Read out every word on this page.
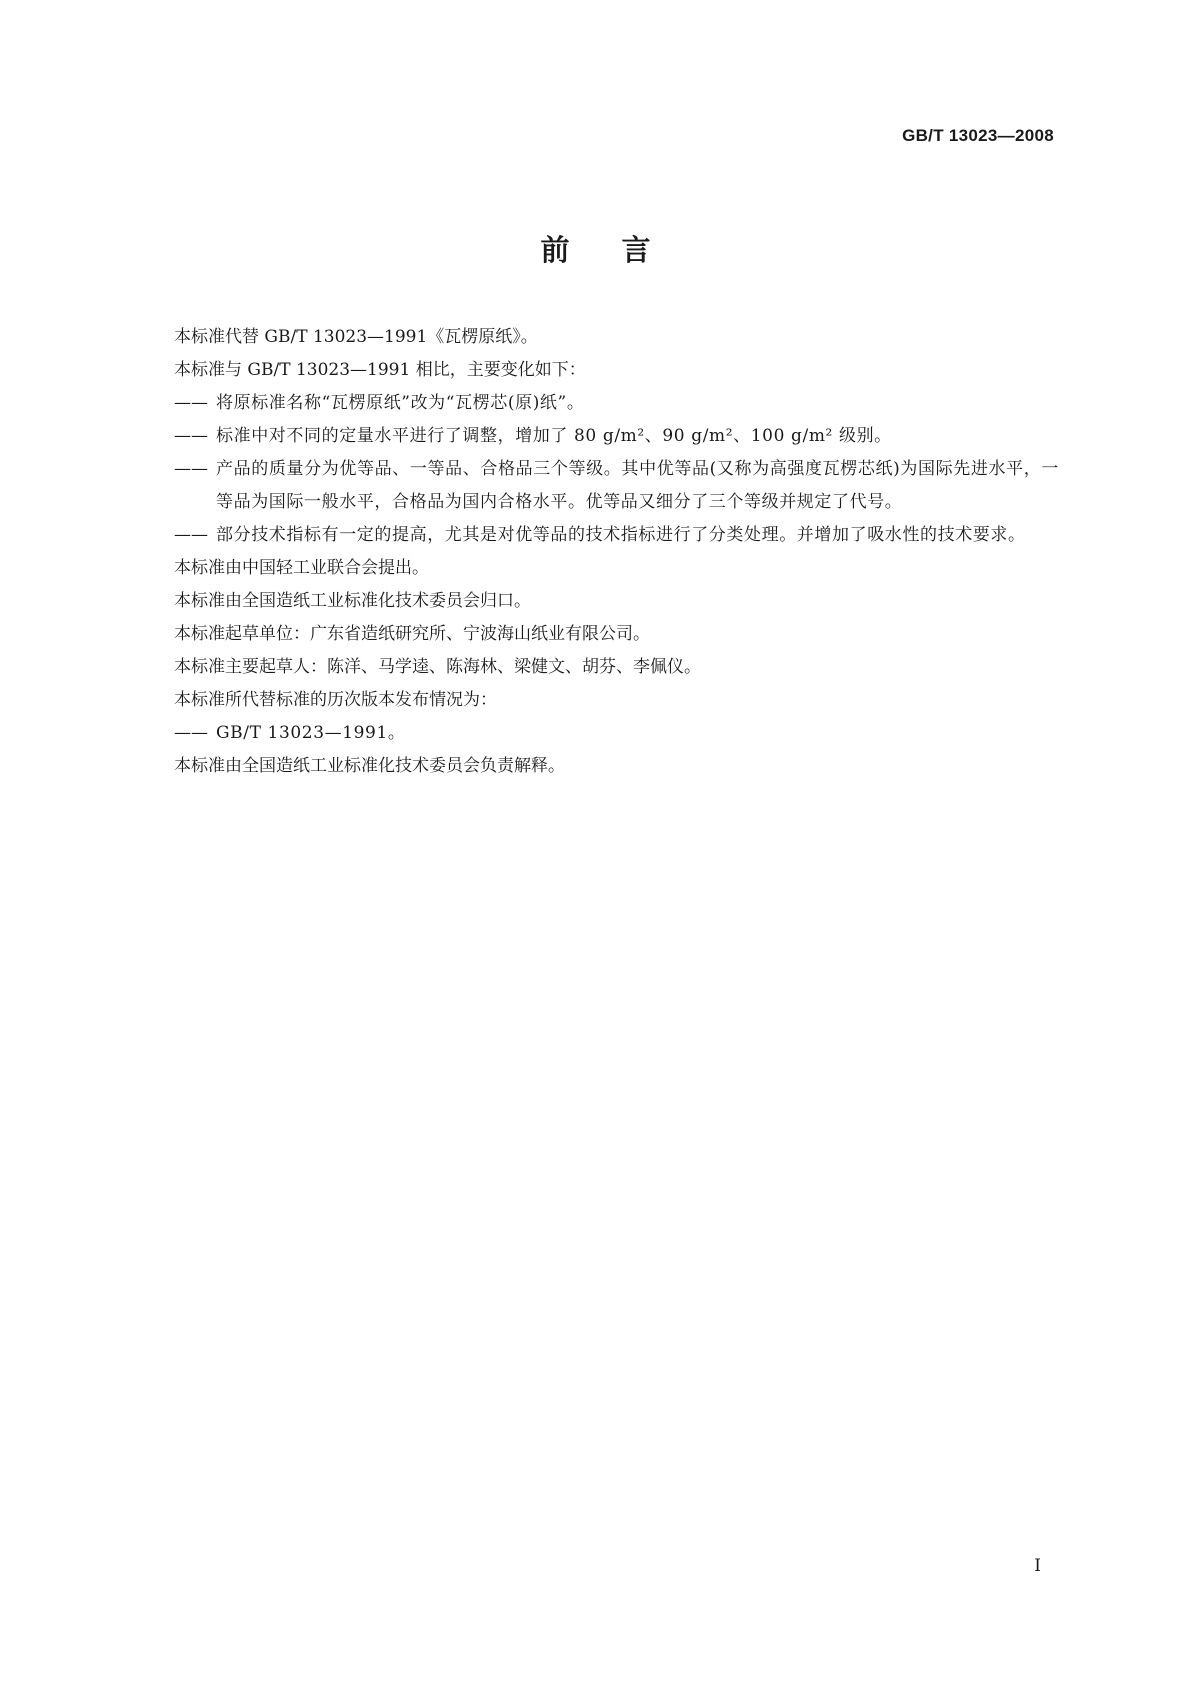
GB/T 13023—2008
前言

本标准代替 GB/T 13023—1991《瓦楞原纸》。

本标准与 GB/T 13023—1991 相比，主要变化如下：

—— 将原标准名称“瓦楞原纸”改为“瓦楞芯(原)纸”。
—— 标准中对不同的定量水平进行了调整，增加了 80 g/m²、90 g/m²、100 g/m² 级别。
—— 产品的质量分为优等品、一等品、合格品三个等级。其中优等品(又称为高强度瓦楞芯纸)为国际先进水平，一等品为国际一般水平，合格品为国内合格水平。优等品又细分了三个等级并规定了代号。
—— 部分技术指标有一定的提高，尤其是对优等品的技术指标进行了分类处理。并增加了吸水性的技术要求。

本标准由中国轻工业联合会提出。

本标准由全国造纸工业标准化技术委员会归口。

本标准起草单位：广东省造纸研究所、宁波海山纸业有限公司。

本标准主要起草人：陈洋、马学逵、陈海林、梁健文、胡芬、李佩仪。

本标准所代替标准的历次版本发布情况为：

—— GB/T 13023—1991。

本标准由全国造纸工业标准化技术委员会负责解释。

I
